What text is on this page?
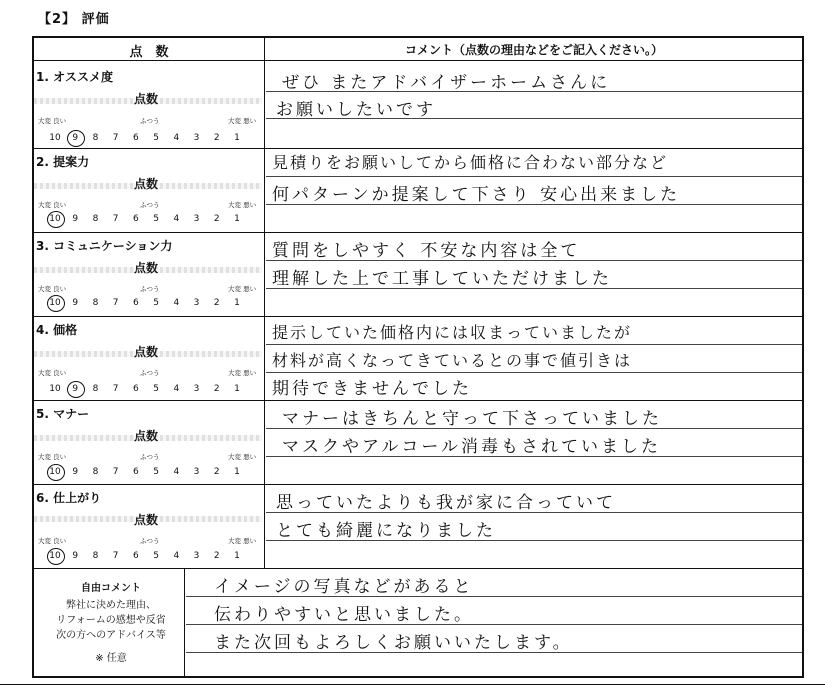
【2】 評価
点　数	コメント（点数の理由などをご記入ください。）
1. オススメ度
点数
大変 良い	ふつう	大変 悪い
10	9	8	7	6	5	4	3	2	1
ぜひ またアドバイザーホームさんに
お願いしたいです
2. 提案力
点数
大変 良い	ふつう	大変 悪い
10	9	8	7	6	5	4	3	2	1
見積りをお願いしてから価格に合わない部分など
何パターンか提案して下さり 安心出来ました
3. コミュニケーション力
点数
大変 良い	ふつう	大変 悪い
10	9	8	7	6	5	4	3	2	1
質問をしやすく 不安な内容は全て
理解した上で工事していただけました
4. 価格
点数
大変 良い	ふつう	大変 悪い
10	9	8	7	6	5	4	3	2	1
提示していた価格内には収まっていましたが
材料が高くなってきているとの事で値引きは
期待できませんでした
5. マナー
点数
大変 良い	ふつう	大変 悪い
10	9	8	7	6	5	4	3	2	1
マナーはきちんと守って下さっていました
マスクやアルコール消毒もされていました
6. 仕上がり
点数
大変 良い	ふつう	大変 悪い
10	9	8	7	6	5	4	3	2	1
思っていたよりも我が家に合っていて
とても綺麗になりました
自由コメント
弊社に決めた理由、
リフォームの感想や反省
次の方へのアドバイス等
※ 任意
イメージの写真などがあると
伝わりやすいと思いました。
また次回もよろしくお願いいたします。
